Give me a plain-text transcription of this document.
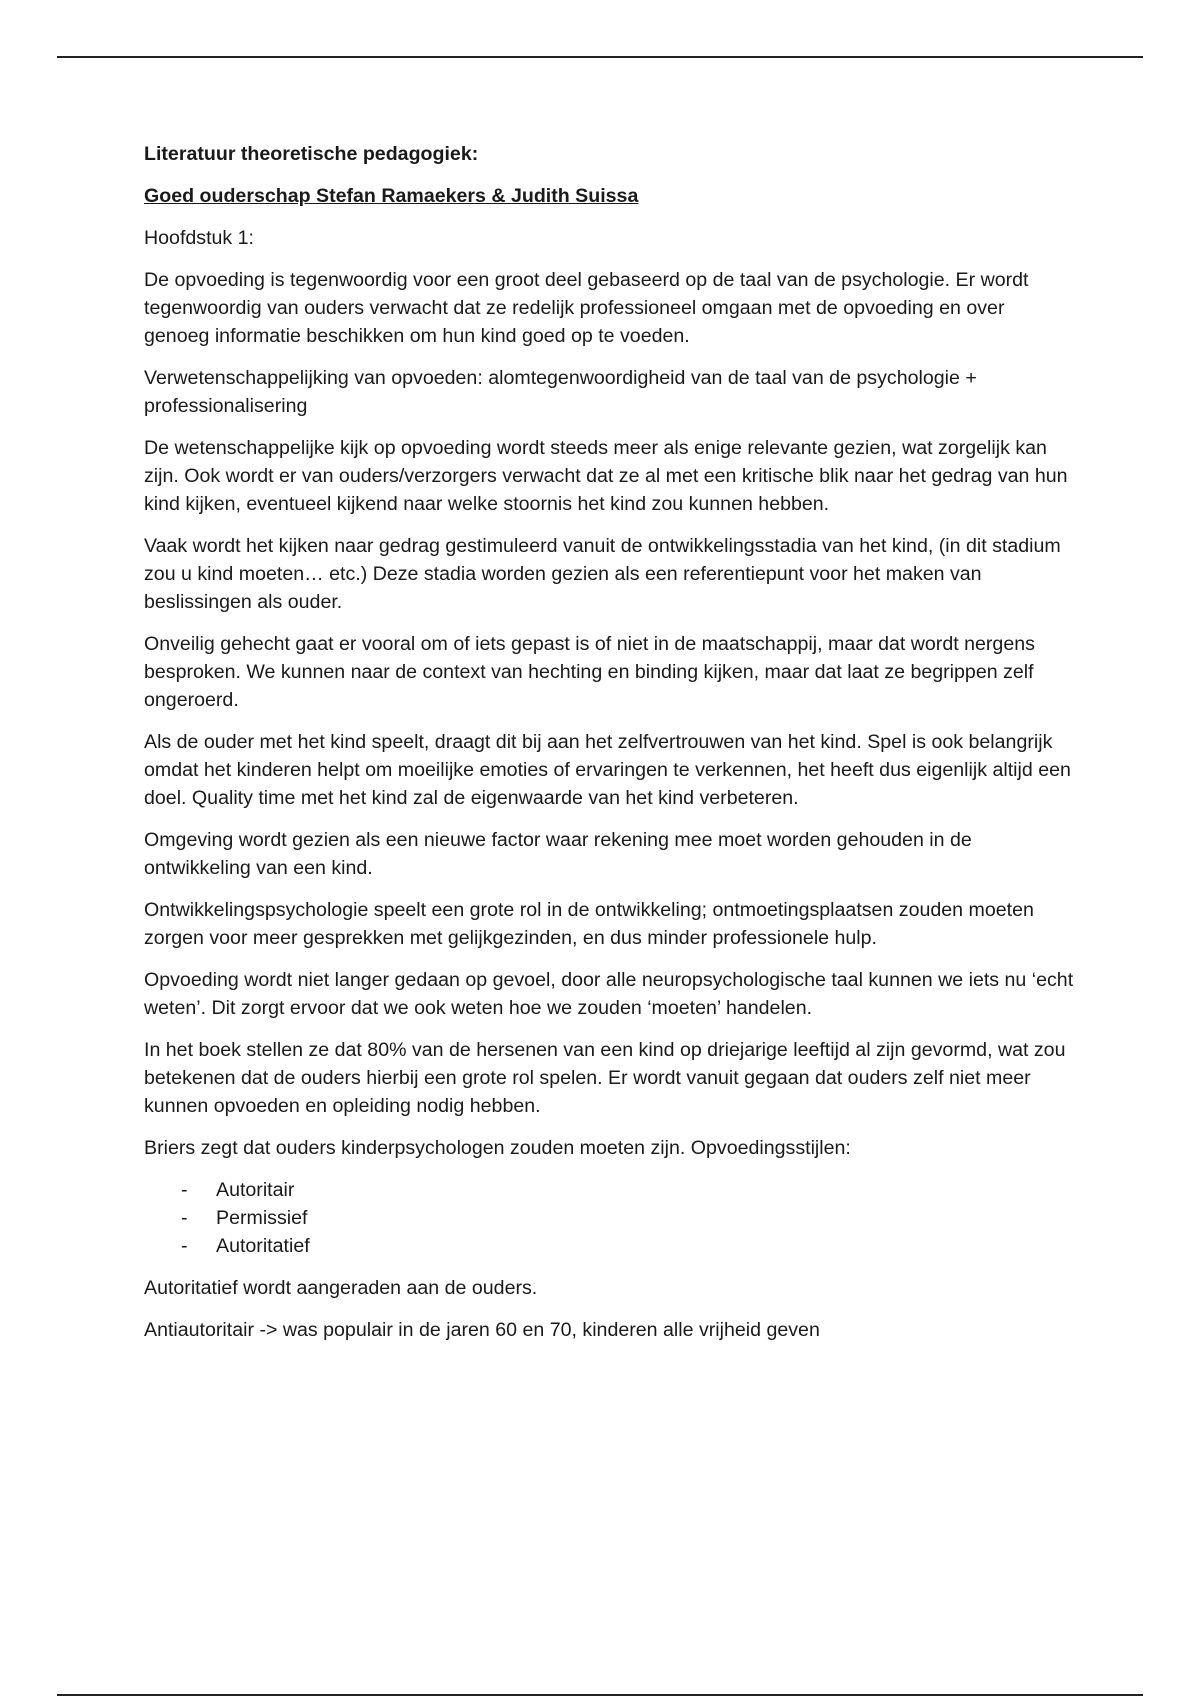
Literatuur theoretische pedagogiek:

Goed ouderschap Stefan Ramaekers & Judith Suissa

Hoofdstuk 1:

De opvoeding is tegenwoordig voor een groot deel gebaseerd op de taal van de psychologie. Er wordt tegenwoordig van ouders verwacht dat ze redelijk professioneel omgaan met de opvoeding en over genoeg informatie beschikken om hun kind goed op te voeden.

Verwetenschappelijking van opvoeden: alomtegenwoordigheid van de taal van de psychologie + professionalisering

De wetenschappelijke kijk op opvoeding wordt steeds meer als enige relevante gezien, wat zorgelijk kan zijn. Ook wordt er van ouders/verzorgers verwacht dat ze al met een kritische blik naar het gedrag van hun kind kijken, eventueel kijkend naar welke stoornis het kind zou kunnen hebben.

Vaak wordt het kijken naar gedrag gestimuleerd vanuit de ontwikkelingsstadia van het kind, (in dit stadium zou u kind moeten… etc.) Deze stadia worden gezien als een referentiepunt voor het maken van beslissingen als ouder.

Onveilig gehecht gaat er vooral om of iets gepast is of niet in de maatschappij, maar dat wordt nergens besproken. We kunnen naar de context van hechting en binding kijken, maar dat laat ze begrippen zelf ongeroerd.

Als de ouder met het kind speelt, draagt dit bij aan het zelfvertrouwen van het kind. Spel is ook belangrijk omdat het kinderen helpt om moeilijke emoties of ervaringen te verkennen, het heeft dus eigenlijk altijd een doel. Quality time met het kind zal de eigenwaarde van het kind verbeteren.

Omgeving wordt gezien als een nieuwe factor waar rekening mee moet worden gehouden in de ontwikkeling van een kind.

Ontwikkelingspsychologie speelt een grote rol in de ontwikkeling; ontmoetingsplaatsen zouden moeten zorgen voor meer gesprekken met gelijkgezinden, en dus minder professionele hulp.

Opvoeding wordt niet langer gedaan op gevoel, door alle neuropsychologische taal kunnen we iets nu ‘echt weten’. Dit zorgt ervoor dat we ook weten hoe we zouden ‘moeten’ handelen.

In het boek stellen ze dat 80% van de hersenen van een kind op driejarige leeftijd al zijn gevormd, wat zou betekenen dat de ouders hierbij een grote rol spelen. Er wordt vanuit gegaan dat ouders zelf niet meer kunnen opvoeden en opleiding nodig hebben.

Briers zegt dat ouders kinderpsychologen zouden moeten zijn. Opvoedingsstijlen:

- Autoritair
- Permissief
- Autoritatief

Autoritatief wordt aangeraden aan de ouders.

Antiautoritair -> was populair in de jaren 60 en 70, kinderen alle vrijheid geven
